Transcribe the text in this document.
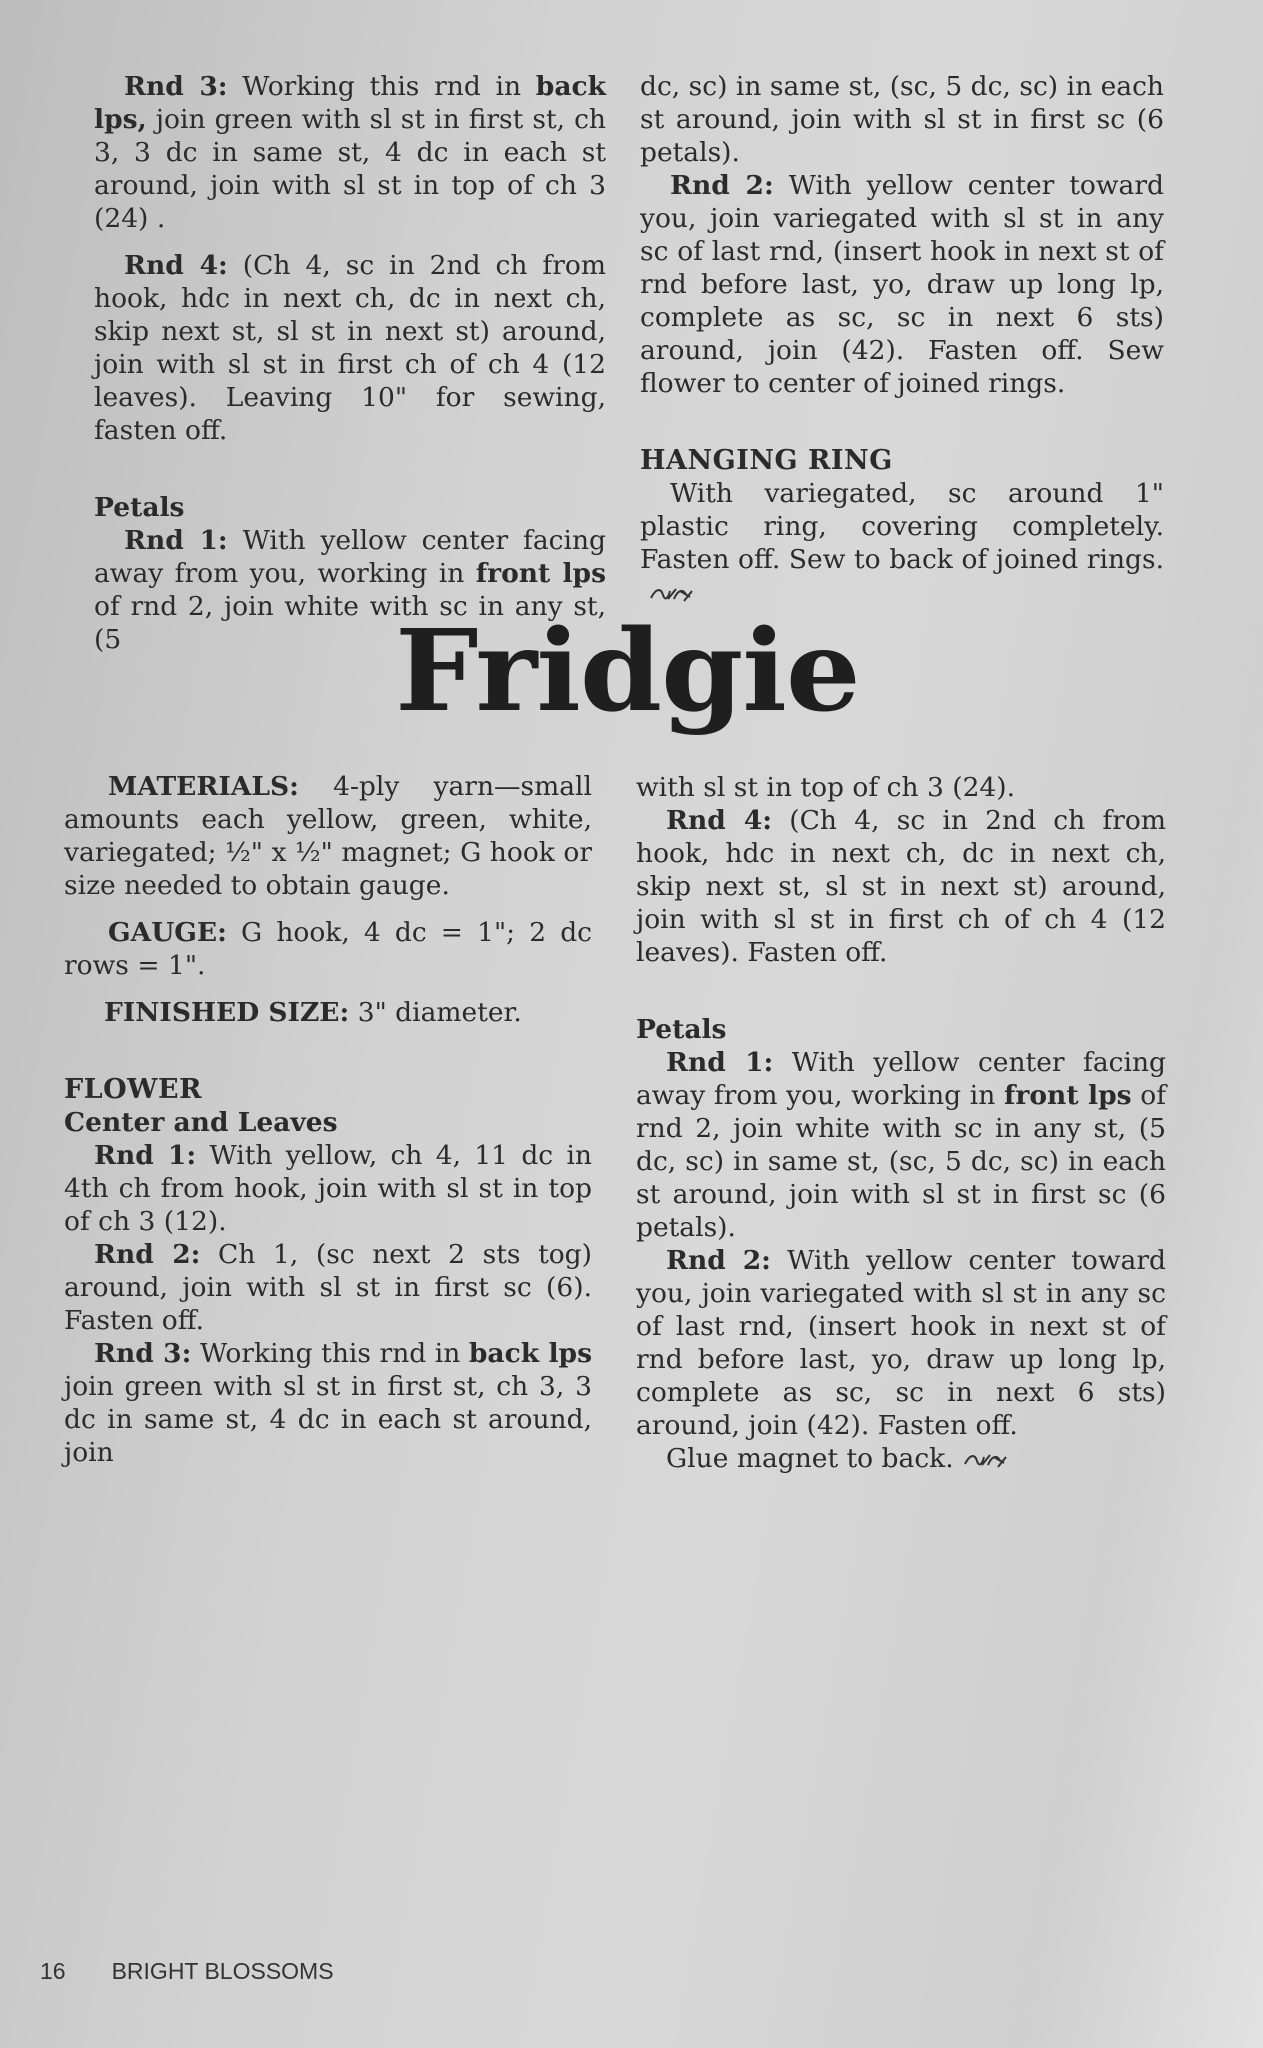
Rnd 3: Working this rnd in back lps, join green with sl st in first st, ch 3, 3 dc in same st, 4 dc in each st around, join with sl st in top of ch 3 (24) .

Rnd 4: (Ch 4, sc in 2nd ch from hook, hdc in next ch, dc in next ch, skip next st, sl st in next st) around, join with sl st in first ch of ch 4 (12 leaves). Leaving 10" for sewing, fasten off.

Petals

Rnd 1: With yellow center facing away from you, working in front lps of rnd 2, join white with sc in any st, (5

dc, sc) in same st, (sc, 5 dc, sc) in each st around, join with sl st in first sc (6 petals).

Rnd 2: With yellow center toward you, join variegated with sl st in any sc of last rnd, (insert hook in next st of rnd before last, yo, draw up long lp, complete as sc, sc in next 6 sts) around, join (42). Fasten off. Sew flower to center of joined rings.

HANGING RING

With variegated, sc around 1" plastic ring, covering completely. Fasten off. Sew to back of joined rings.

Fridgie

MATERIALS: 4-ply yarn—small amounts each yellow, green, white, variegated; ½" x ½" magnet; G hook or size needed to obtain gauge.

GAUGE: G hook, 4 dc = 1"; 2 dc rows = 1".

FINISHED SIZE: 3" diameter.

FLOWER

Center and Leaves

Rnd 1: With yellow, ch 4, 11 dc in 4th ch from hook, join with sl st in top of ch 3 (12).

Rnd 2: Ch 1, (sc next 2 sts tog) around, join with sl st in first sc (6). Fasten off.

Rnd 3: Working this rnd in back lps join green with sl st in first st, ch 3, 3 dc in same st, 4 dc in each st around, join

with sl st in top of ch 3 (24).

Rnd 4: (Ch 4, sc in 2nd ch from hook, hdc in next ch, dc in next ch, skip next st, sl st in next st) around, join with sl st in first ch of ch 4 (12 leaves). Fasten off.

Petals

Rnd 1: With yellow center facing away from you, working in front lps of rnd 2, join white with sc in any st, (5 dc, sc) in same st, (sc, 5 dc, sc) in each st around, join with sl st in first sc (6 petals).

Rnd 2: With yellow center toward you, join variegated with sl st in any sc of last rnd, (insert hook in next st of rnd before last, yo, draw up long lp, complete as sc, sc in next 6 sts) around, join (42). Fasten off.

Glue magnet to back.

16 BRIGHT BLOSSOMS
